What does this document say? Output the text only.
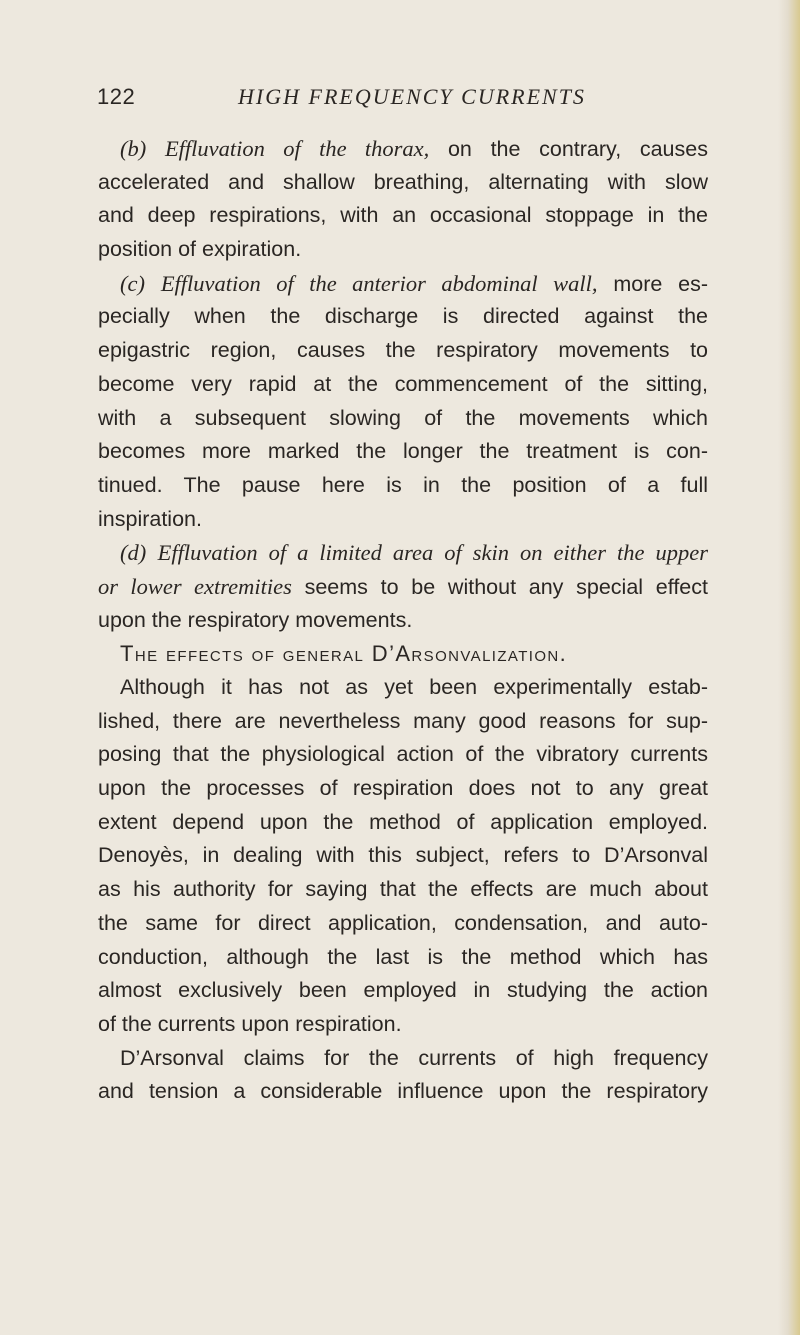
122	HIGH FREQUENCY CURRENTS
(b) Effluvation of the thorax, on the contrary, causes
accelerated and shallow breathing, alternating with slow
and deep respirations, with an occasional stoppage in the
position of expiration.
(c) Effluvation of the anterior abdominal wall, more es-
pecially when the discharge is directed against the
epigastric region, causes the respiratory movements to
become very rapid at the commencement of the sitting,
with a subsequent slowing of the movements which
becomes more marked the longer the treatment is con-
tinued. The pause here is in the position of a full
inspiration.
(d) Effluvation of a limited area of skin on either the upper
or lower extremities seems to be without any special effect
upon the respiratory movements.
The effects of general D’Arsonvalization.
Although it has not as yet been experimentally estab-
lished, there are nevertheless many good reasons for sup-
posing that the physiological action of the vibratory currents
upon the processes of respiration does not to any great
extent depend upon the method of application employed.
Denoyès, in dealing with this subject, refers to D’Arsonval
as his authority for saying that the effects are much about
the same for direct application, condensation, and auto-
conduction, although the last is the method which has
almost exclusively been employed in studying the action
of the currents upon respiration.
D’Arsonval claims for the currents of high frequency
and tension a considerable influence upon the respiratory
